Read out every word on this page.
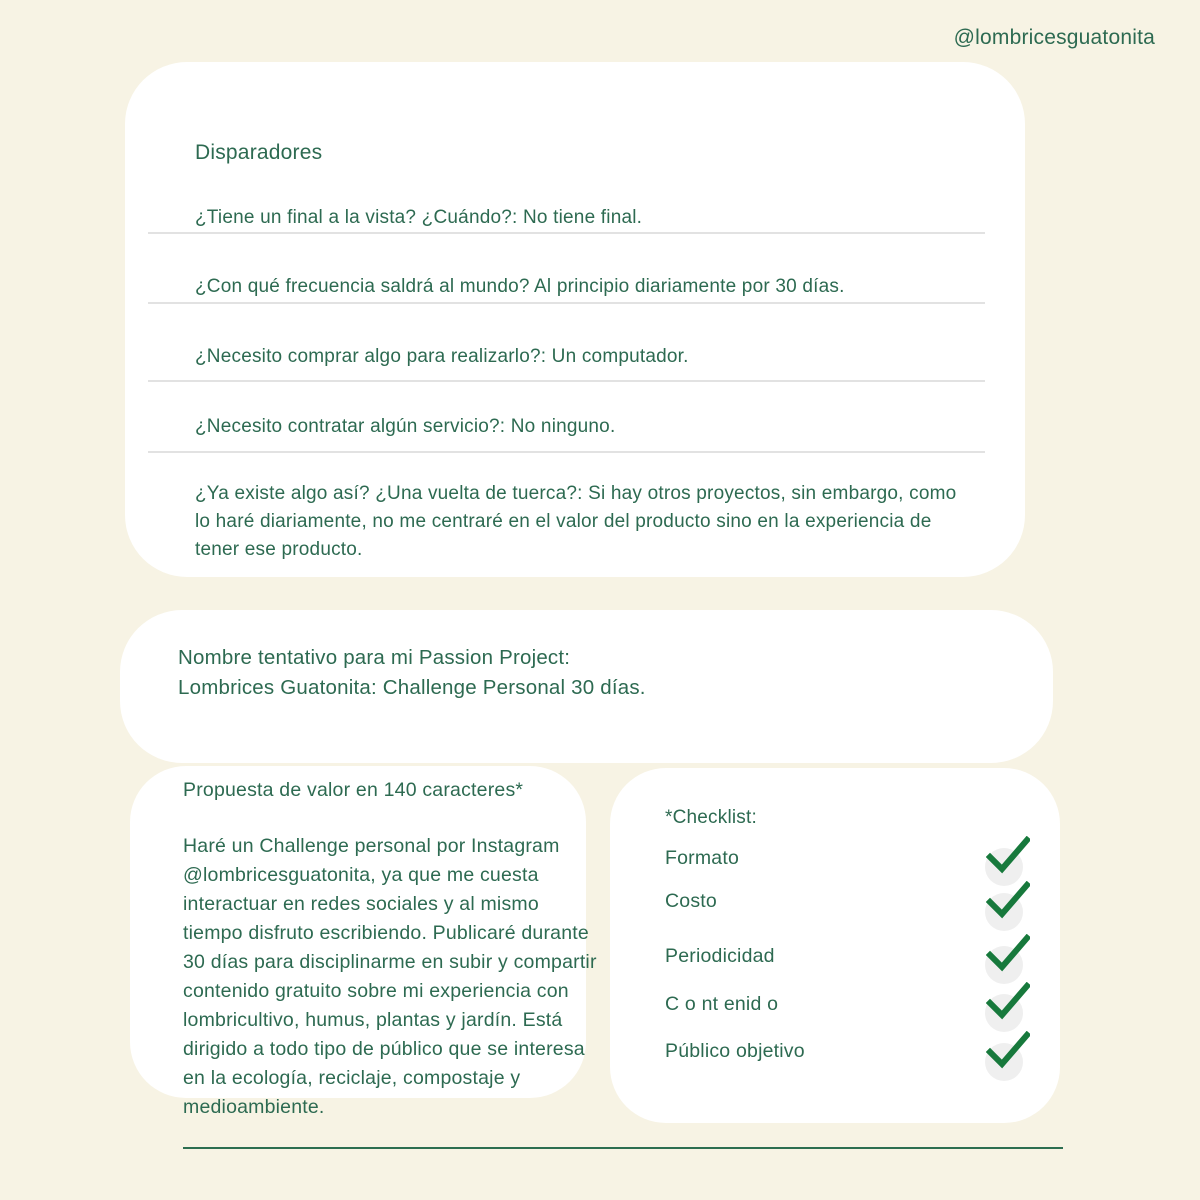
@lombricesguatonita
Disparadores
¿Tiene un final a la vista? ¿Cuándo?: No tiene final.
¿Con qué frecuencia saldrá al mundo? Al principio diariamente por 30 días.
¿Necesito comprar algo para realizarlo?: Un computador.
¿Necesito contratar algún servicio?: No ninguno.
¿Ya existe algo así? ¿Una vuelta de tuerca?: Si hay otros proyectos, sin embargo, como lo haré diariamente, no me centraré en el valor del producto sino en la experiencia de tener ese producto.
Nombre tentativo para mi Passion Project:
Lombrices Guatonita: Challenge Personal 30 días.
Propuesta de valor en 140 caracteres*
Haré un Challenge personal por Instagram @lombricesguatonita, ya que me cuesta interactuar en redes sociales y al mismo tiempo disfruto escribiendo. Publicaré durante 30 días para disciplinarme en subir y compartir contenido gratuito sobre mi experiencia con lombricultivo, humus, plantas y jardín. Está dirigido a todo tipo de público que se interesa en la ecología, reciclaje, compostaje y medioambiente.
*Checklist:
Formato
Costo
Periodicidad
C o nt enid o
Público objetivo
